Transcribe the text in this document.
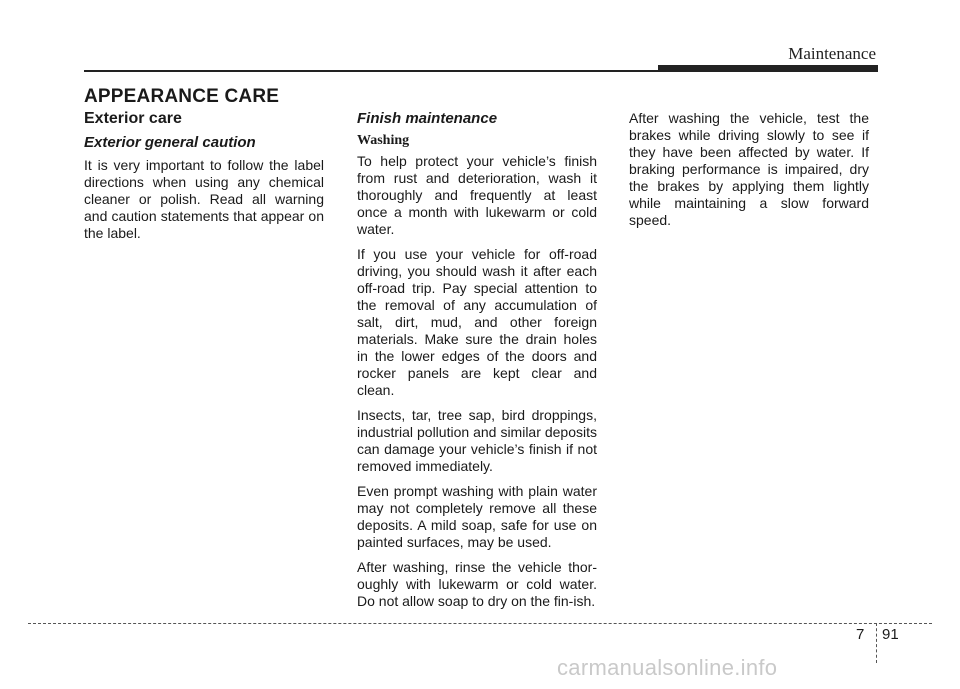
Maintenance
APPEARANCE CARE
Exterior care
Exterior general caution

It is very important to follow the label directions when using any chemical cleaner or polish. Read all warning and caution statements that appear on the label.

Finish maintenance
Washing

To help protect your vehicle’s finish from rust and deterioration, wash it thoroughly and frequently at least once a month with lukewarm or cold water.

If you use your vehicle for off-road driving, you should wash it after each off-road trip. Pay special attention to the removal of any accumulation of salt, dirt, mud, and other foreign materials. Make sure the drain holes in the lower edges of the doors and rocker panels are kept clear and clean.

Insects, tar, tree sap, bird droppings, industrial pollution and similar deposits can damage your vehicle’s finish if not removed immediately.

Even prompt washing with plain water may not completely remove all these deposits. A mild soap, safe for use on painted surfaces, may be used.

After washing, rinse the vehicle thor-oughly with lukewarm or cold water. Do not allow soap to dry on the fin-ish.

After washing the vehicle, test the brakes while driving slowly to see if they have been affected by water. If braking performance is impaired, dry the brakes by applying them lightly while maintaining a slow forward speed.

7 91
carmanualsonline.info
